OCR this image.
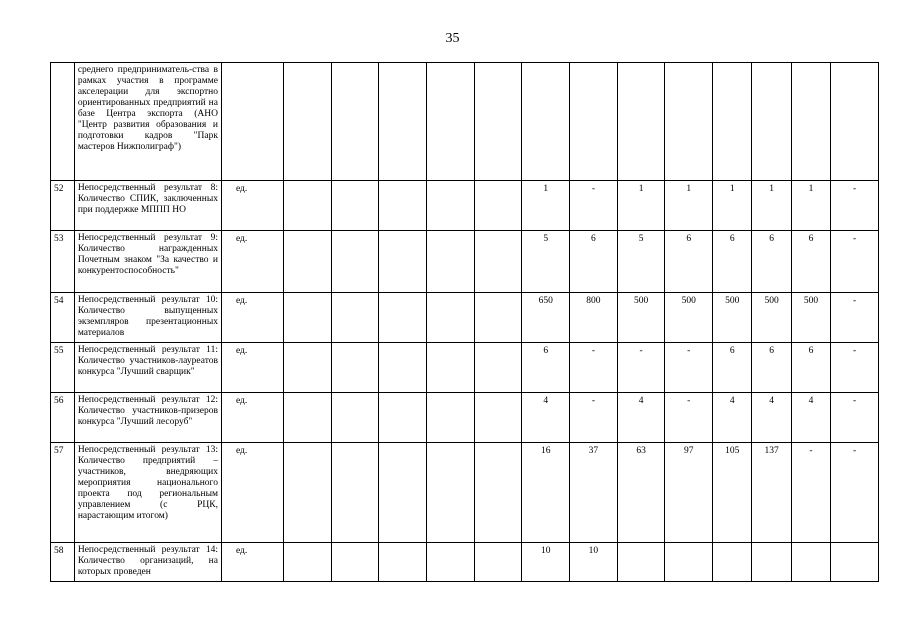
35
	среднего предприниматель-ства в рамках участия в программе акселерации для экспортно ориентированных предприятий на базе Центра экспорта (АНО "Центр развития образования и подготовки кадров "Парк мастеров Нижполиграф")														
52	Непосредственный результат 8: Количество СПИК, заключенных при поддержке МППП НО	ед.						1	-	1	1	1	1	1	-
53	Непосредственный результат 9: Количество награжденных Почетным знаком "За качество и конкурентоспособность"	ед.						5	6	5	6	6	6	6	-
54	Непосредственный результат 10: Количество выпущенных экземпляров презентационных материалов	ед.						650	800	500	500	500	500	500	-
55	Непосредственный результат 11: Количество участников-лауреатов конкурса "Лучший сварщик"	ед.						6	-	-	-	6	6	6	-
56	Непосредственный результат 12: Количество участников-призеров конкурса "Лучший лесоруб"	ед.						4	-	4	-	4	4	4	-
57	Непосредственный результат 13: Количество предприятий – участников, внедряющих мероприятия национального проекта под региональным управлением (с РЦК, нарастающим итогом)	ед.						16	37	63	97	105	137	-	-
58	Непосредственный результат 14: Количество организаций, на которых проведен	ед.						10	10						
